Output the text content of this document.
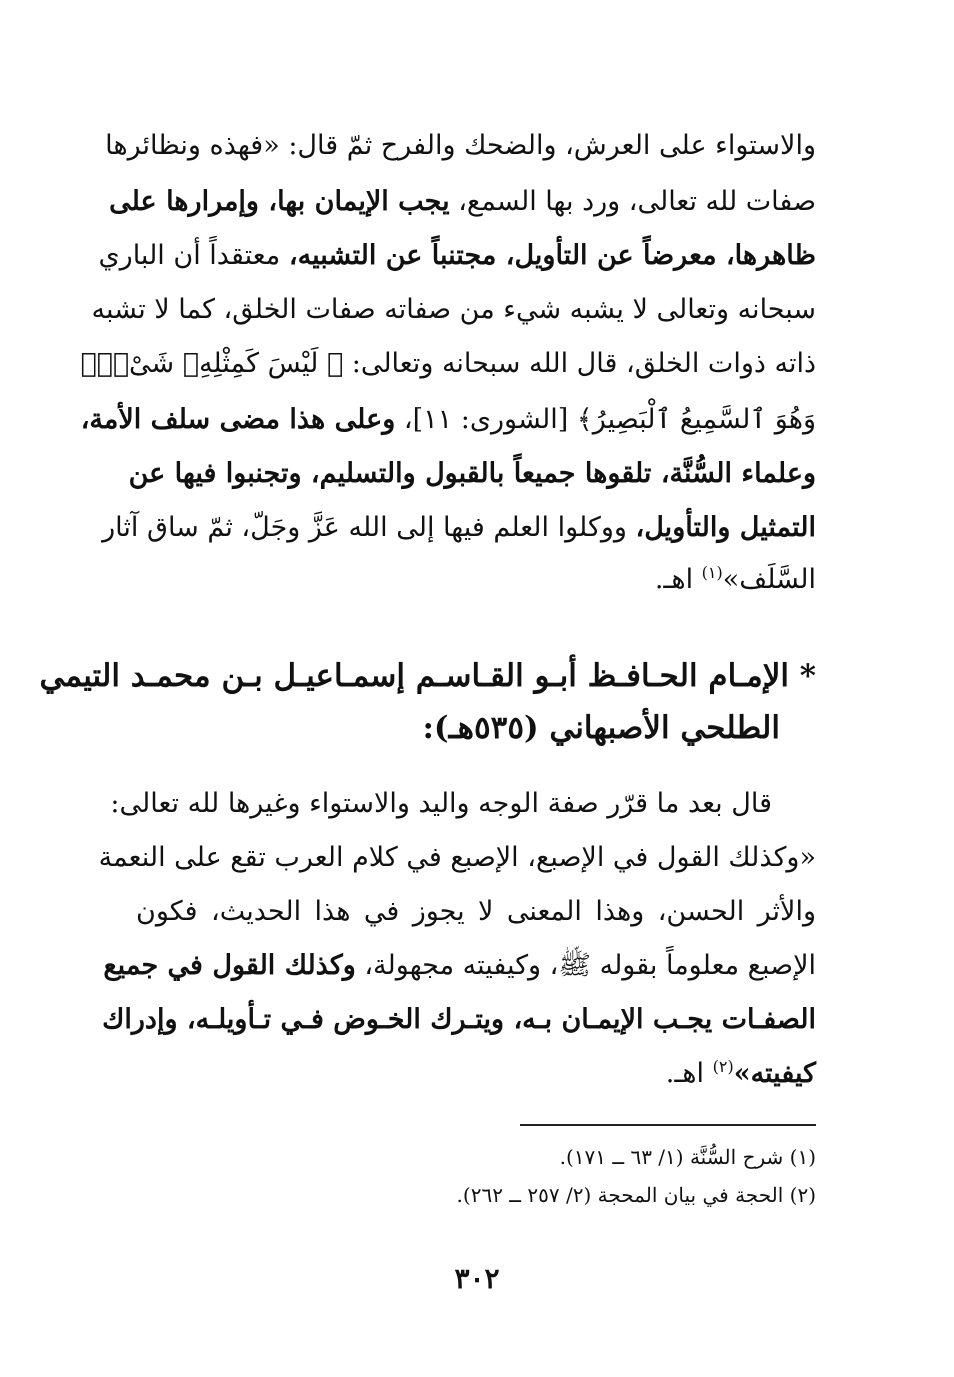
والاستواء على العرش، والضحك والفرح ثمّ قال: «فهذه ونظائرها
صفات لله تعالى، ورد بها السمع، يجب الإيمان بها، وإمرارها على
ظاهرها، معرضاً عن التأويل، مجتنباً عن التشبيه، معتقداً أن الباري
سبحانه وتعالى لا يشبه شيء من صفاته صفات الخلق، كما لا تشبه
ذاته ذوات الخلق، قال الله سبحانه وتعالى: ﴿ لَيْسَ كَمِثْلِهِۦ شَىْءٌۭ
وَهُوَ ٱلسَّمِيعُ ٱلْبَصِيرُ﴾ [الشورى: ١١]، وعلى هذا مضى سلف الأمة،
وعلماء السُّنَّة، تلقوها جميعاً بالقبول والتسليم، وتجنبوا فيها عن
التمثيل والتأويل، ووكلوا العلم فيها إلى الله عَزَّ وجَلّ، ثمّ ساق آثار
السَّلَف»$^{(١)}$ اهـ.
* الإمـام الحـافـظ أبـو القـاسـم إسمـاعيـل بـن محمـد التيمي
الطلحي الأصبهاني (٥٣٥هـ):
قال بعد ما قرّر صفة الوجه واليد والاستواء وغيرها لله تعالى:
«وكذلك القول في الإصبع، الإصبع في كلام العرب تقع على النعمة
والأثر الحسن، وهذا المعنى لا يجوز في هذا الحديث، فكون
الإصبع معلوماً بقوله ﷺ، وكيفيته مجهولة، وكذلك القول في جميع
الصفـات يجـب الإيمـان بـه، ويتـرك الخـوض فـي تـأويلـه، وإدراك
كيفيته»$^{(٢)}$ اهـ.
(١) شرح السُّنَّة (١/ ٦٣ ــ ١٧١).
(٢) الحجة في بيان المحجة (٢/ ٢٥٧ ــ ٢٦٢).
٣٠٢
